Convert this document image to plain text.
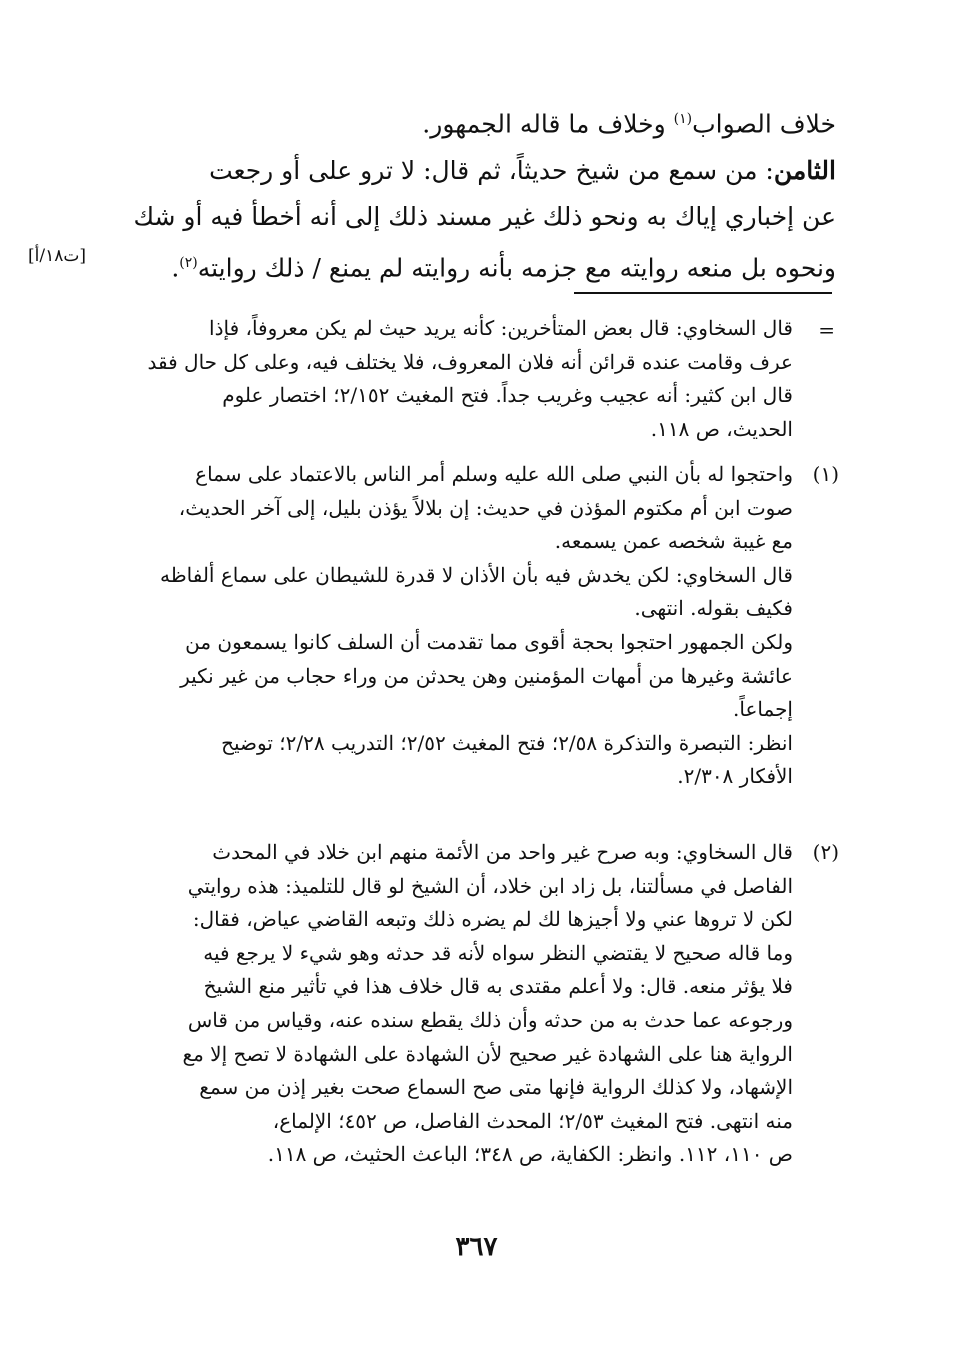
خلاف الصواب$^{(١)}$ وخلاف ما قاله الجمهور.
الثامن: من سمع من شيخ حديثاً، ثم قال: لا ترو على أو رجعت
عن إخباري إياك به ونحو ذلك غير مسند ذلك إلى أنه أخطأ فيه أو شك
ونحوه بل منعه روايته مع جزمه بأنه روايته لم يمنع / ذلك روايته$^{(٢)}$.
[ت١٨/أ]
=
قال السخاوي: قال بعض المتأخرين: كأنه يريد حيث لم يكن معروفاً، فإذا
عرف وقامت عنده قرائن أنه فلان المعروف، فلا يختلف فيه، وعلى كل حال فقد
قال ابن كثير: أنه عجيب وغريب جداً. فتح المغيث ٢/١٥٢؛ اختصار علوم
الحديث، ص ١١٨.
(١)
واحتجوا له بأن النبي صلى الله عليه وسلم أمر الناس بالاعتماد على سماع
صوت ابن أم مكتوم المؤذن في حديث: إن بلالاً يؤذن بليل، إلى آخر الحديث،
مع غيبة شخصه عمن يسمعه.
قال السخاوي: لكن يخدش فيه بأن الأذان لا قدرة للشيطان على سماع ألفاظه
فكيف بقوله. انتهى.
ولكن الجمهور احتجوا بحجة أقوى مما تقدمت أن السلف كانوا يسمعون من
عائشة وغيرها من أمهات المؤمنين وهن يحدثن من وراء حجاب من غير نكير
إجماعاً.
انظر: التبصرة والتذكرة ٢/٥٨؛ فتح المغيث ٢/٥٢؛ التدريب ٢/٢٨؛ توضيح
الأفكار ٢/٣٠٨.
(٢)
قال السخاوي: وبه صرح غير واحد من الأئمة منهم ابن خلاد في المحدث
الفاصل في مسألتنا، بل زاد ابن خلاد، أن الشيخ لو قال للتلميذ: هذه روايتي
لكن لا تروها عني ولا أجيزها لك لم يضره ذلك وتبعه القاضي عياض، فقال:
وما قاله صحيح لا يقتضي النظر سواه لأنه قد حدثه وهو شيء لا يرجع فيه
فلا يؤثر منعه. قال: ولا أعلم مقتدى به قال خلاف هذا في تأثير منع الشيخ
ورجوعه عما حدث به من حدثه وأن ذلك يقطع سنده عنه، وقياس من قاس
الرواية هنا على الشهادة غير صحيح لأن الشهادة على الشهادة لا تصح إلا مع
الإشهاد، ولا كذلك الرواية فإنها متى صح السماع صحت بغير إذن من سمع
منه انتهى. فتح المغيث ٢/٥٣؛ المحدث الفاصل، ص ٤٥٢؛ الإلماع،
ص ١١٠، ١١٢. وانظر: الكفاية، ص ٣٤٨؛ الباعث الحثيث، ص ١١٨.
٣٦٧
